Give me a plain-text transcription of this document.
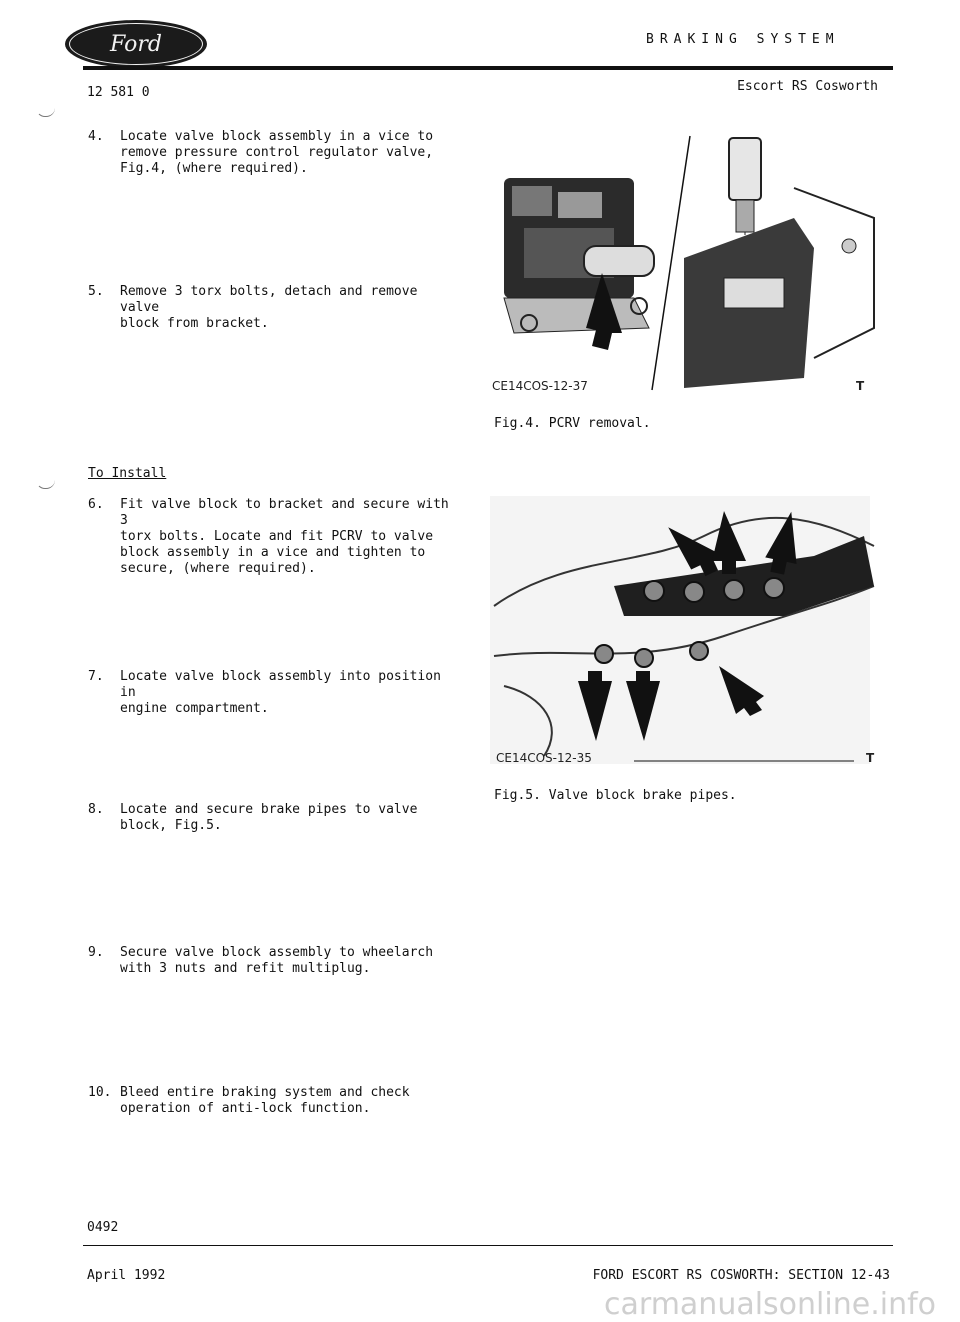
Ford	BRAKING SYSTEM
12 581 0	Escort RS Cosworth
4. Locate valve block assembly in a vice to
remove pressure control regulator valve,
Fig.4, (where required).
5. Remove 3 torx bolts, detach and remove valve
block from bracket.
To Install
6. Fit valve block to bracket and secure with 3
torx bolts. Locate and fit PCRV to valve
block assembly in a vice and tighten to
secure, (where required).
7. Locate valve block assembly into position in
engine compartment.
8. Locate and secure brake pipes to valve
block, Fig.5.
9. Secure valve block assembly to wheelarch
with 3 nuts and refit multiplug.
10. Bleed entire braking system and check
operation of anti-lock function.
CE14COS-12-37	T
Fig.4. PCRV removal.
CE14COS-12-35	T
Fig.5. Valve block brake pipes.
0492
April 1992	FORD ESCORT RS COSWORTH: SECTION 12-43
carmanualsonline.info
